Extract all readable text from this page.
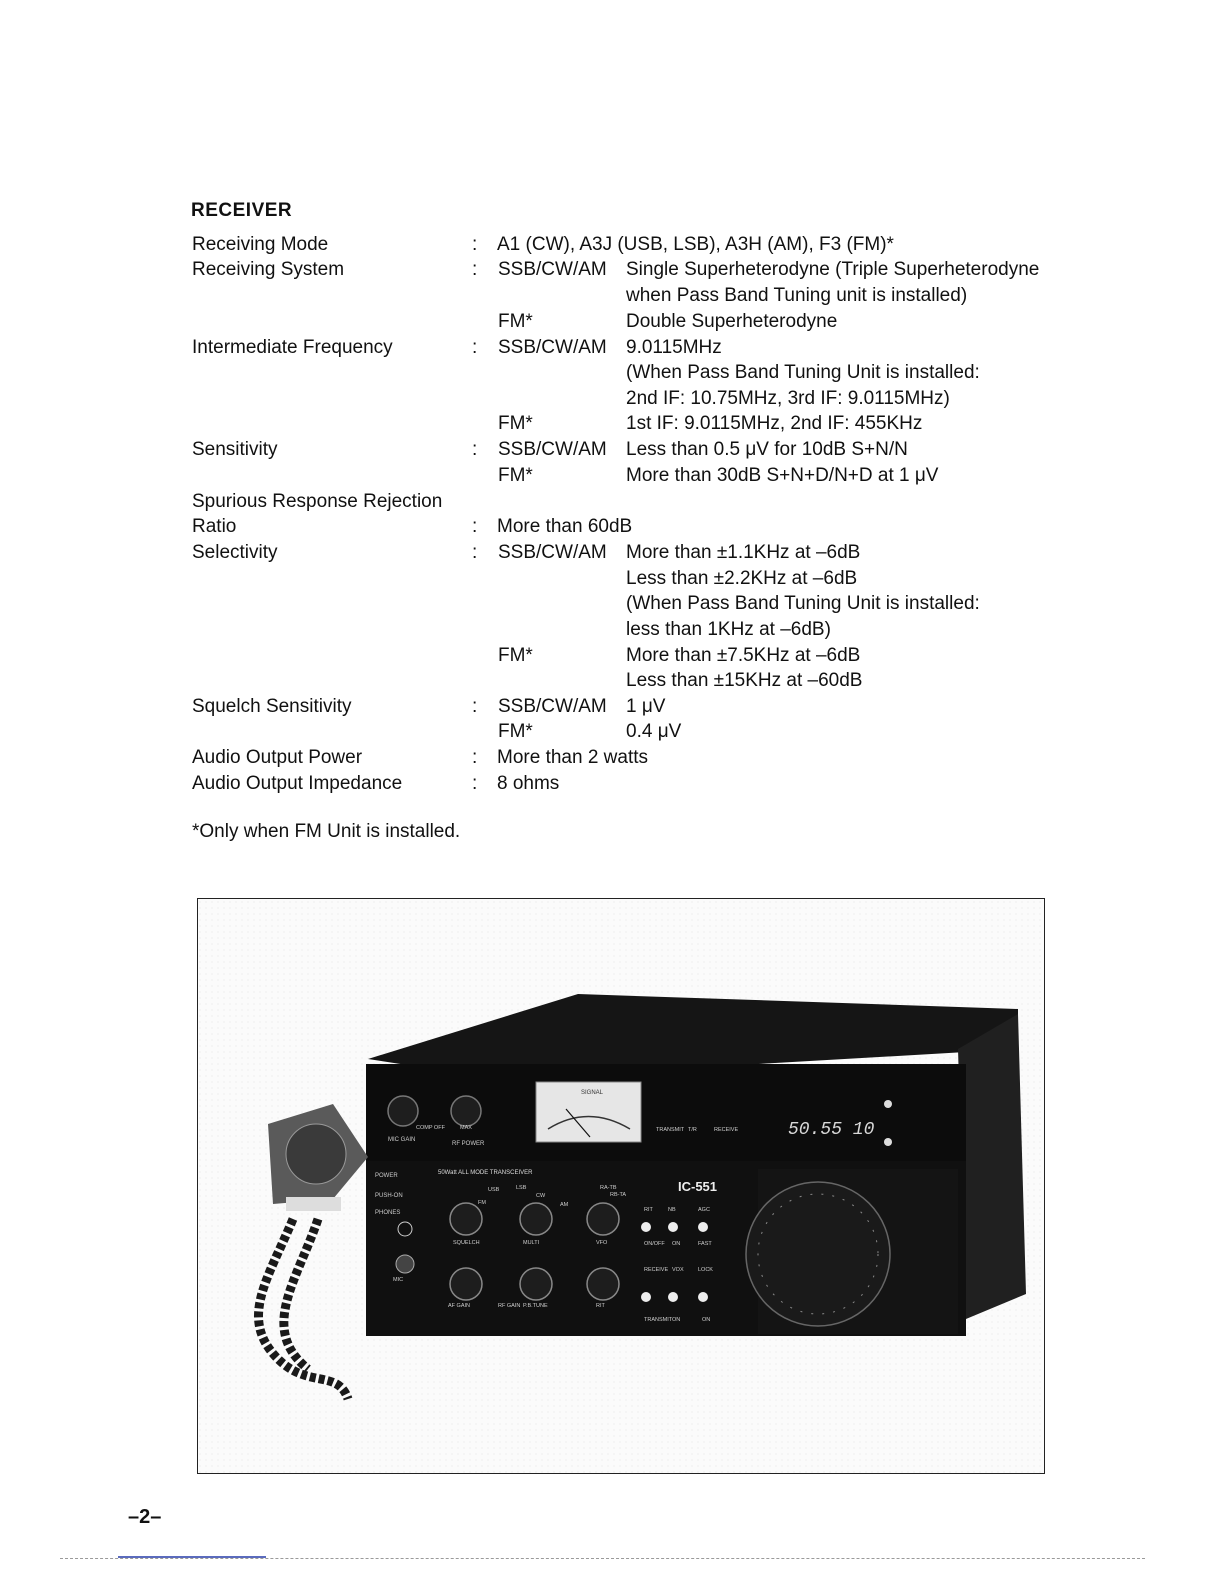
RECEIVER
Receiving Mode	: A1 (CW), A3J (USB, LSB), A3H (AM), F3 (FM)*
Receiving System	: SSB/CW/AM Single Superheterodyne (Triple Superheterodyne
when Pass Band Tuning unit is installed)
FM*	Double Superheterodyne
Intermediate Frequency	: SSB/CW/AM 9.0115MHz
(When Pass Band Tuning Unit is installed:
2nd IF: 10.75MHz, 3rd IF: 9.0115MHz)
FM*	1st IF: 9.0115MHz, 2nd IF: 455KHz
Sensitivity	: SSB/CW/AM Less than 0.5 μV for 10dB S+N/N
FM*	More than 30dB S+N+D/N+D at 1 μV
Spurious Response Rejection
Ratio	: More than 60dB
Selectivity	: SSB/CW/AM More than ±1.1KHz at –6dB
Less than ±2.2KHz at –6dB
(When Pass Band Tuning Unit is installed:
less than 1KHz at –6dB)
FM*	More than ±7.5KHz at –6dB
Less than ±15KHz at –60dB
Squelch Sensitivity	: SSB/CW/AM 1 μV
FM*	0.4 μV
Audio Output Power	: More than 2 watts
Audio Output Impedance	: 8 ohms
*Only when FM Unit is installed.
SIGNAL
50.55 10
MIC GAIN
RF POWER
50Watt ALL MODE TRANSCEIVER
IC-551
POWER
PUSH-ON
PHONES
COMP OFF	MAX
MIC
SQUELCH	MULTI
AF GAIN	RF GAIN P.B.TUNE
VFO
RIT
USB	LSB
CW
AM
FM
RA-TB
RB-TA
RIT	NB	AGC
ON/OFF ON	FAST
RECEIVE VOX	LOCK
TRANSMIT ON	ON
TRANSMIT T/R	RECEIVE
–2–
